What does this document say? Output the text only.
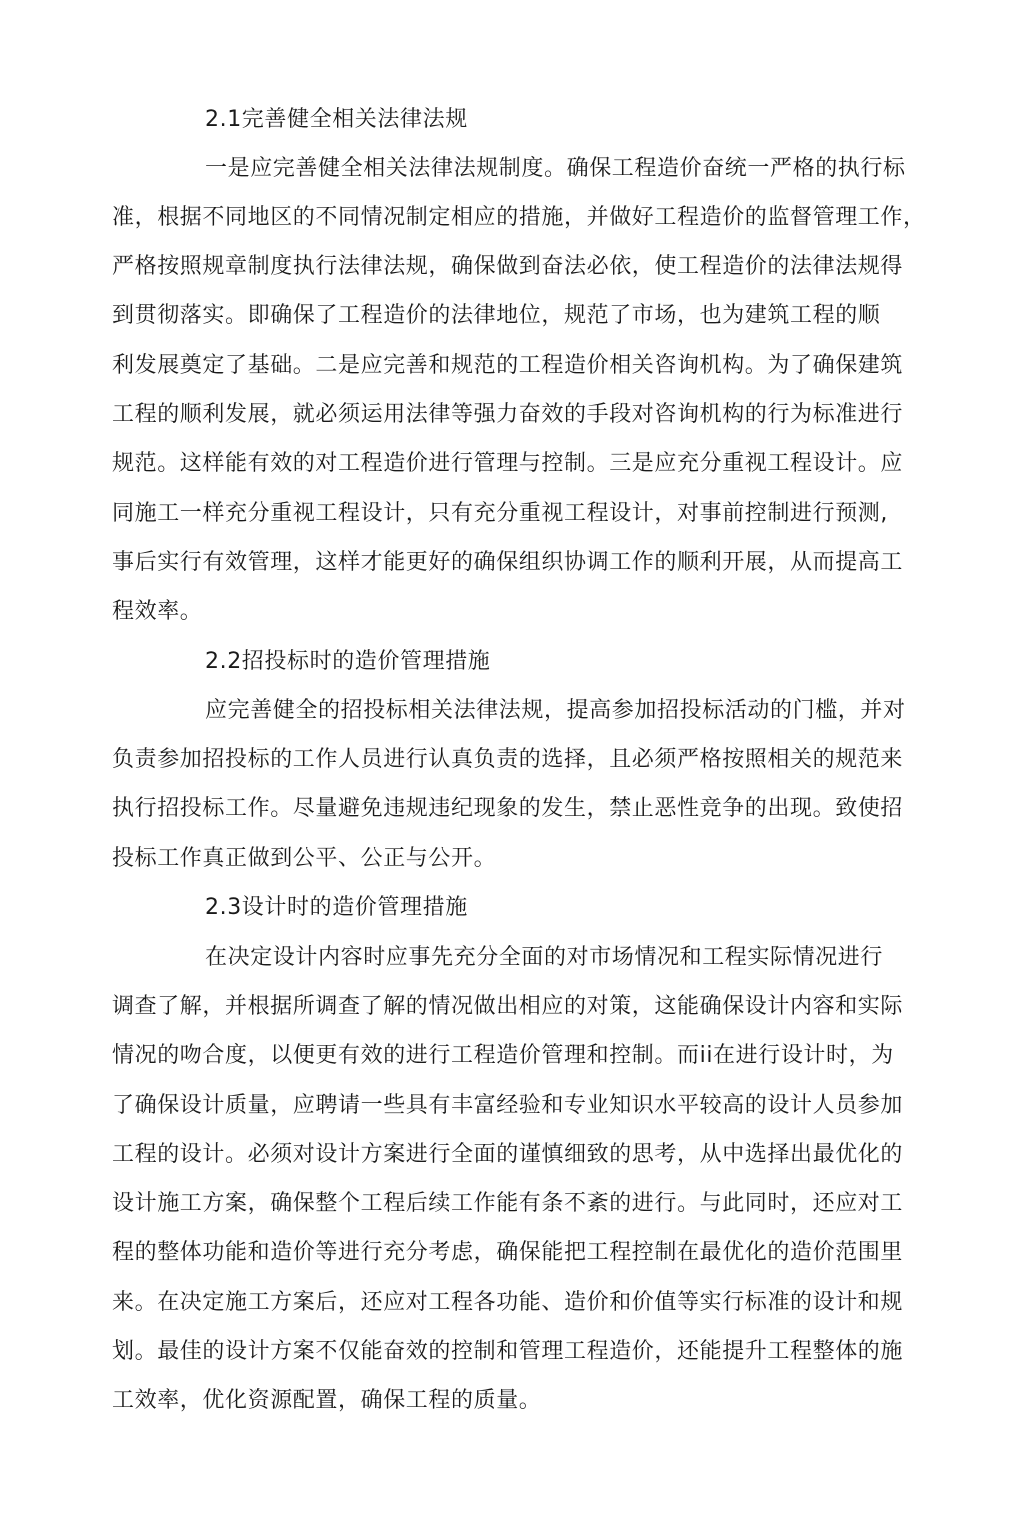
2.1完善健全相关法律法规
一是应完善健全相关法律法规制度。确保工程造价奋统一严格的执行标
准，根据不同地区的不同情况制定相应的措施，并做好工程造价的监督管理工作，
严格按照规章制度执行法律法规，确保做到奋法必依，使工程造价的法律法规得
到贯彻落实。即确保了工程造价的法律地位，规范了市场，也为建筑工程的顺
利发展奠定了基础。二是应完善和规范的工程造价相关咨询机构。为了确保建筑
工程的顺利发展，就必须运用法律等强力奋效的手段对咨询机构的行为标准进行
规范。这样能有效的对工程造价进行管理与控制。三是应充分重视工程设计。应
同施工一样充分重视工程设计，只有充分重视工程设计，对事前控制进行预测,
事后实行有效管理，这样才能更好的确保组织协调工作的顺利开展，从而提高工
程效率。
2.2招投标时的造价管理措施
应完善健全的招投标相关法律法规，提高参加招投标活动的门槛，并对
负责参加招投标的工作人员进行认真负责的选择，且必须严格按照相关的规范来
执行招投标工作。尽量避免违规违纪现象的发生，禁止恶性竞争的出现。致使招
投标工作真正做到公平、公正与公开。
2.3设计时的造价管理措施
在决定设计内容时应事先充分全面的对市场情况和工程实际情况进行
调查了解，并根据所调查了解的情况做出相应的对策，这能确保设计内容和实际
情况的吻合度，以便更有效的进行工程造价管理和控制。而ii在进行设计时，为
了确保设计质量，应聘请一些具有丰富经验和专业知识水平较高的设计人员参加
工程的设计。必须对设计方案进行全面的谨慎细致的思考，从中选择出最优化的
设计施工方案，确保整个工程后续工作能有条不紊的进行。与此同时，还应对工
程的整体功能和造价等进行充分考虑，确保能把工程控制在最优化的造价范围里
来。在决定施工方案后，还应对工程各功能、造价和价值等实行标准的设计和规
划。最佳的设计方案不仅能奋效的控制和管理工程造价，还能提升工程整体的施
工效率，优化资源配置，确保工程的质量。
